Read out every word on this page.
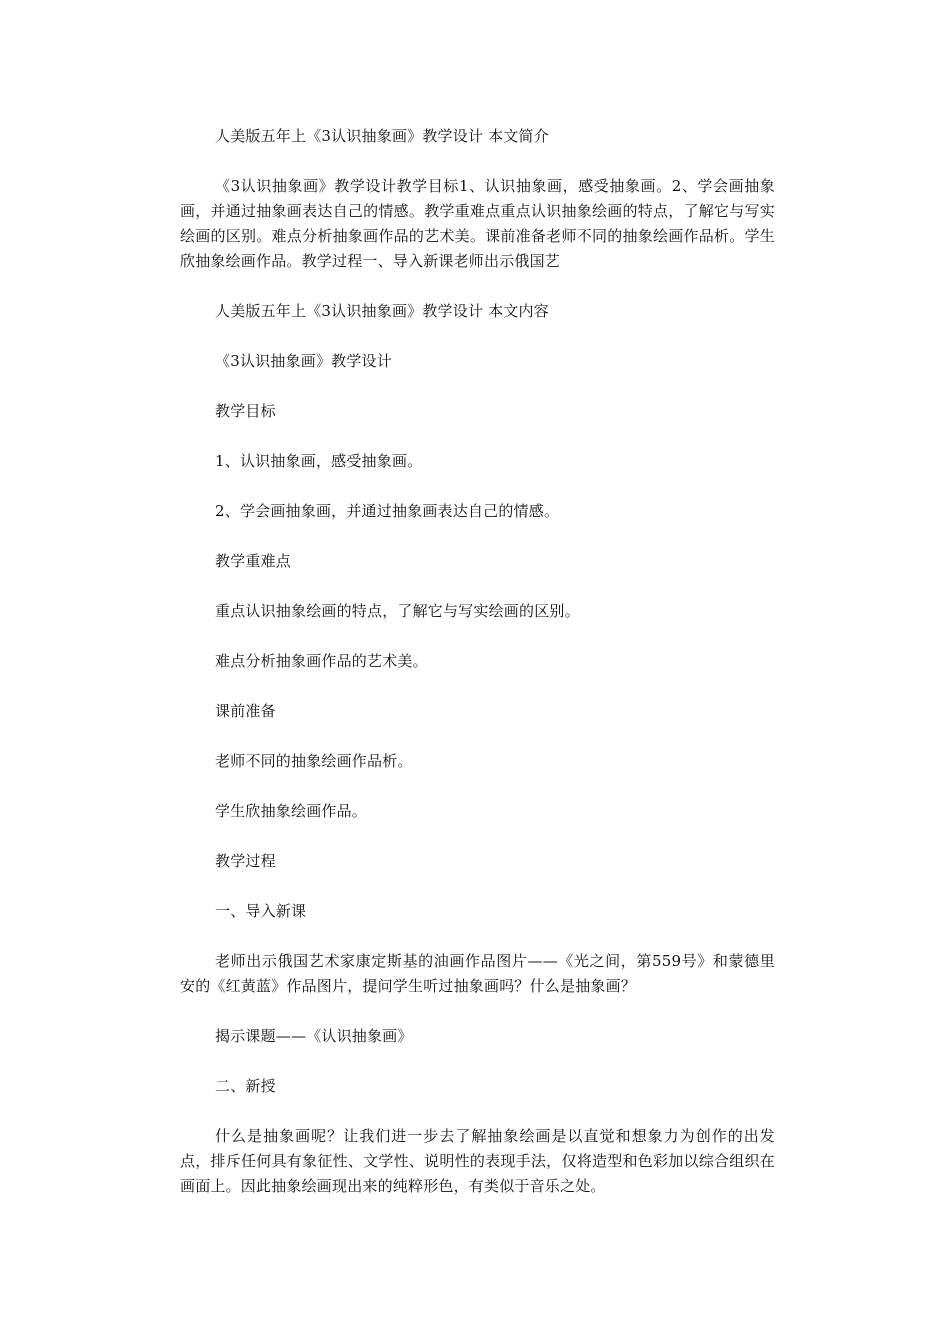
人美版五年上《3认识抽象画》教学设计 本文简介

《3认识抽象画》教学设计教学目标1、认识抽象画，感受抽象画。2、学会画抽象画，并通过抽象画表达自己的情感。教学重难点重点认识抽象绘画的特点，了解它与写实绘画的区别。难点分析抽象画作品的艺术美。课前准备老师不同的抽象绘画作品析。学生欣抽象绘画作品。教学过程一、导入新课老师出示俄国艺

人美版五年上《3认识抽象画》教学设计 本文内容

《3认识抽象画》教学设计

教学目标

1、认识抽象画，感受抽象画。

2、学会画抽象画，并通过抽象画表达自己的情感。

教学重难点

重点认识抽象绘画的特点，了解它与写实绘画的区别。

难点分析抽象画作品的艺术美。

课前准备

老师不同的抽象绘画作品析。

学生欣抽象绘画作品。

教学过程

一、导入新课

老师出示俄国艺术家康定斯基的油画作品图片——《光之间，第559号》和蒙德里安的《红黄蓝》作品图片，提问学生听过抽象画吗？什么是抽象画？

揭示课题——《认识抽象画》

二、新授

什么是抽象画呢？让我们进一步去了解抽象绘画是以直觉和想象力为创作的出发点，排斥任何具有象征性、文学性、说明性的表现手法，仅将造型和色彩加以综合组织在画面上。因此抽象绘画现出来的纯粹形色，有类似于音乐之处。
